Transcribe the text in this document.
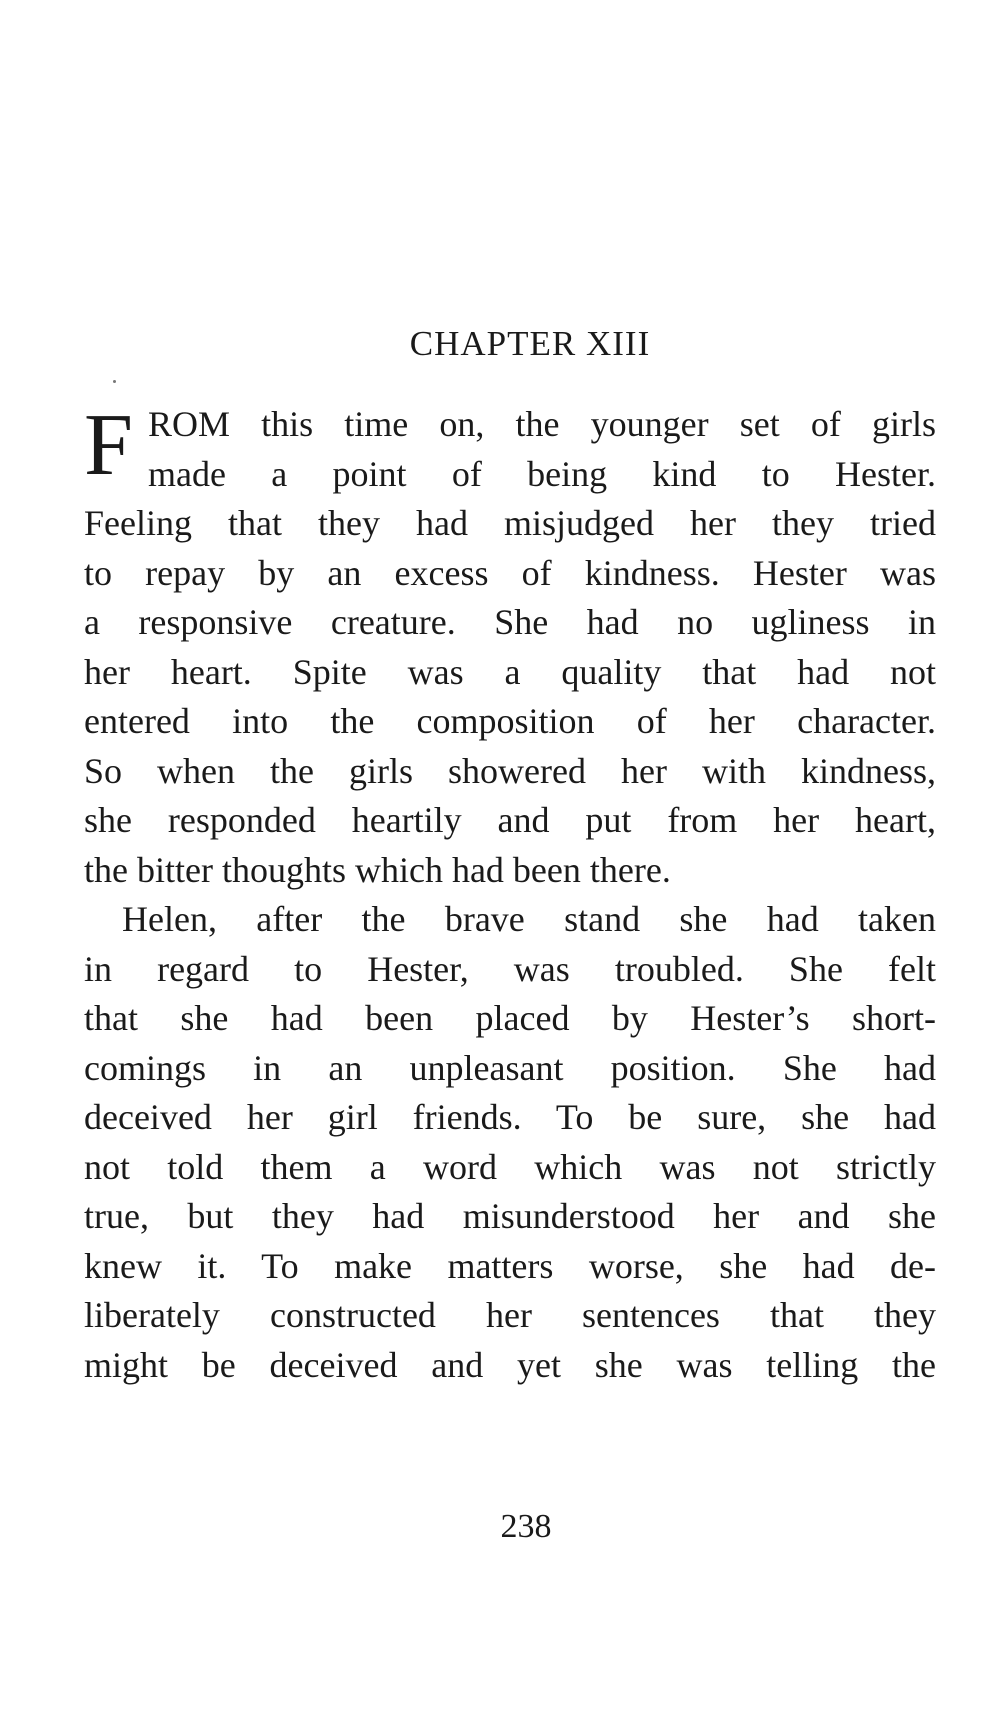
CHAPTER XIII
F ROM this time on, the younger set of girls
made a point of being kind to Hester.
Feeling that they had misjudged her they tried
to repay by an excess of kindness. Hester was
a responsive creature. She had no ugliness in
her heart. Spite was a quality that had not
entered into the composition of her character.
So when the girls showered her with kindness,
she responded heartily and put from her heart,
the bitter thoughts which had been there.
Helen, after the brave stand she had taken
in regard to Hester, was troubled. She felt
that she had been placed by Hester’s short-
comings in an unpleasant position. She had
deceived her girl friends. To be sure, she had
not told them a word which was not strictly
true, but they had misunderstood her and she
knew it. To make matters worse, she had de-
liberately constructed her sentences that they
might be deceived and yet she was telling the
238
